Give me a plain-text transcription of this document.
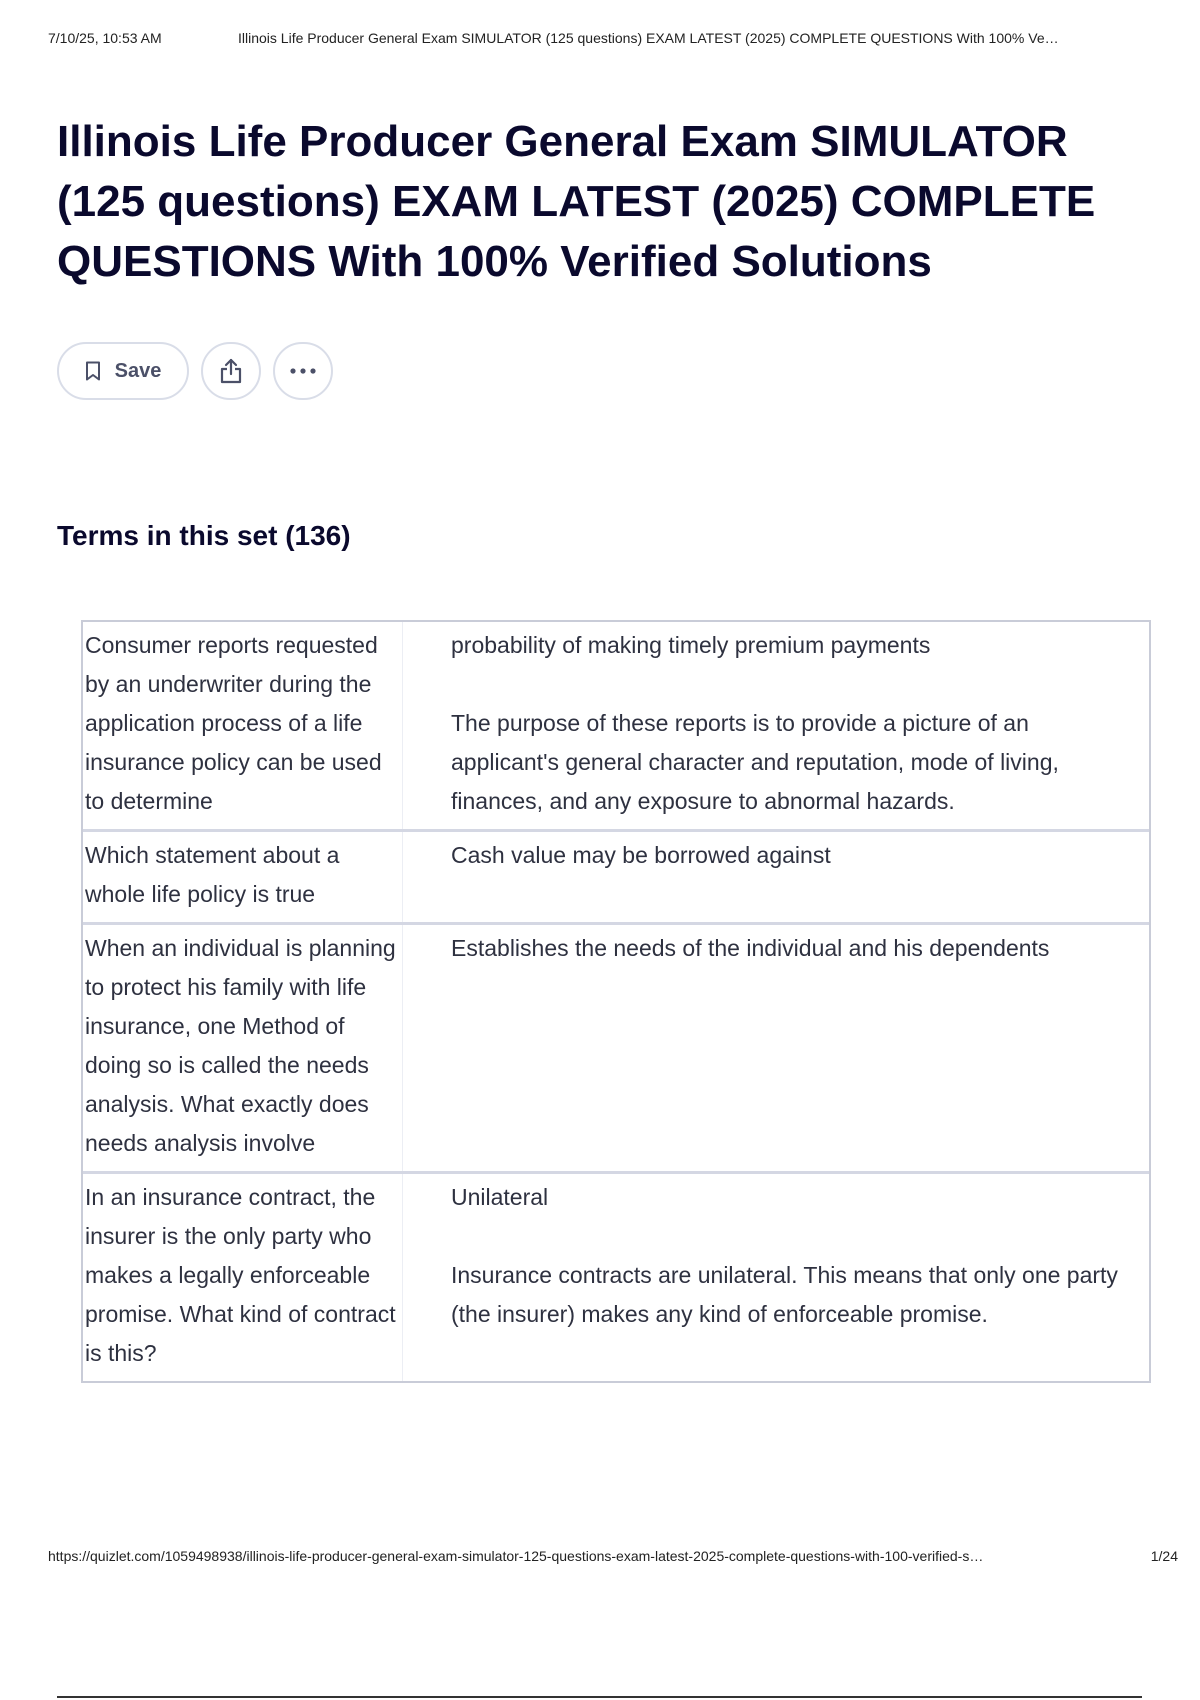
7/10/25, 10:53 AM	Illinois Life Producer General Exam SIMULATOR (125 questions) EXAM LATEST (2025) COMPLETE QUESTIONS With 100% Ve…
Illinois Life Producer General Exam SIMULATOR (125 questions) EXAM LATEST (2025) COMPLETE QUESTIONS With 100% Verified Solutions
Save
Terms in this set (136)
Consumer reports requested by an underwriter during the application process of a life insurance policy can be used to determine
probability of making timely premium payments

The purpose of these reports is to provide a picture of an applicant's general character and reputation, mode of living, finances, and any exposure to abnormal hazards.
Which statement about a whole life policy is true
Cash value may be borrowed against
When an individual is planning to protect his family with life insurance, one Method of doing so is called the needs analysis. What exactly does needs analysis involve
Establishes the needs of the individual and his dependents
In an insurance contract, the insurer is the only party who makes a legally enforceable promise. What kind of contract is this?
Unilateral

Insurance contracts are unilateral. This means that only one party (the insurer) makes any kind of enforceable promise.
https://quizlet.com/1059498938/illinois-life-producer-general-exam-simulator-125-questions-exam-latest-2025-complete-questions-with-100-verified-s…	1/24
